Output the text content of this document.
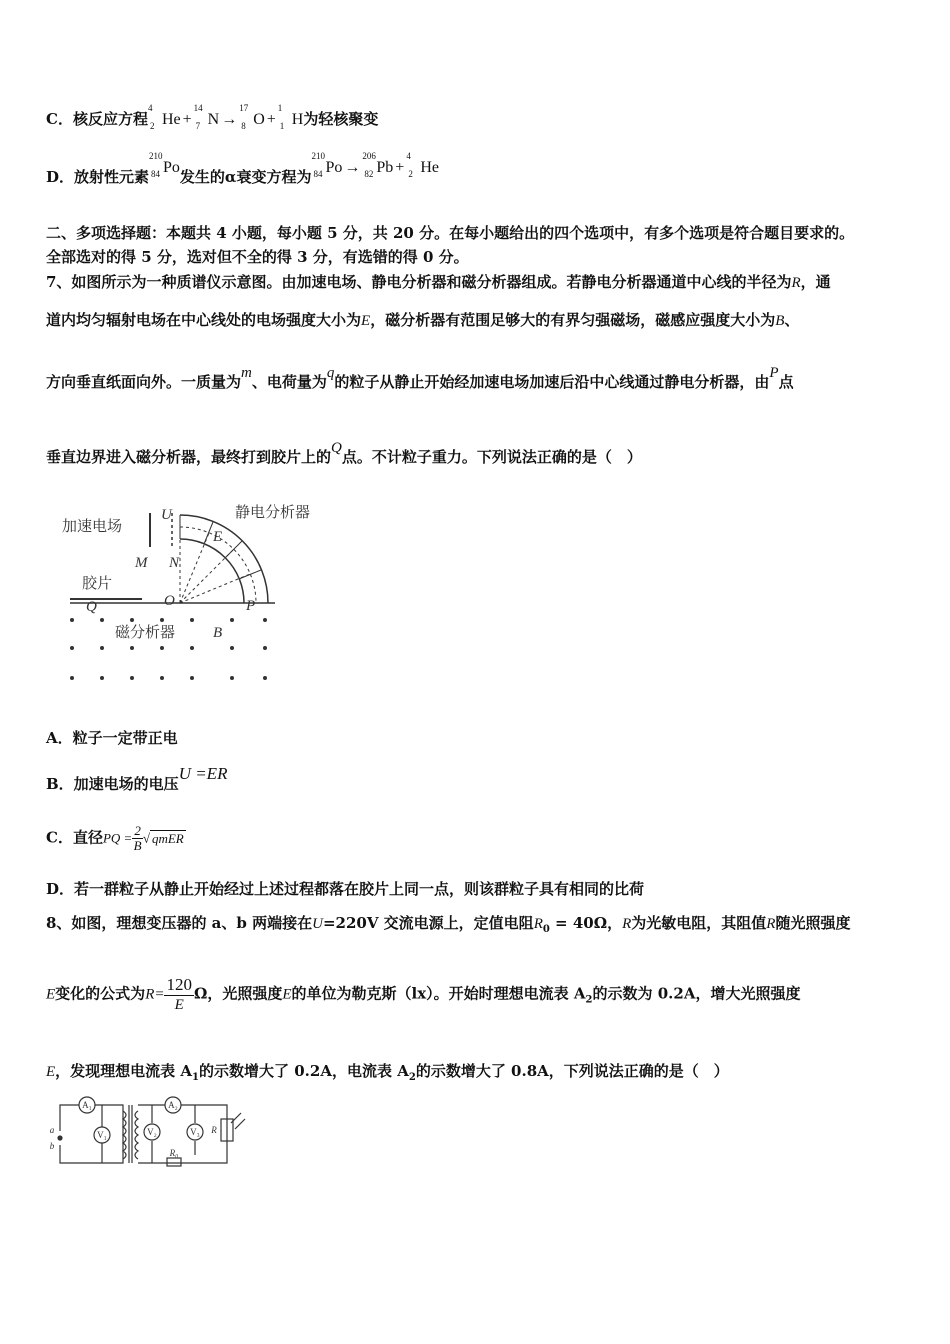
C．核反应方程
4
2 He +
14
7 N →
17
8 O +
1
1 H为轻核聚变
D．放射性元素
210
84 Po发生的α衰变方程为
210
84 Po →
206
82 Pb +
4
2 He
二、多项选择题：本题共 4 小题，每小题 5 分，共 20 分。在每小题给出的四个选项中，有多个选项是符合题目要求的。
全部选对的得 5 分，选对但不全的得 3 分，有选错的得 0 分。
7、如图所示为一种质谱仪示意图。由加速电场、静电分析器和磁分析器组成。若静电分析器通道中心线的半径为R，通
道内均匀辐射电场在中心线处的电场强度大小为E，磁分析器有范围足够大的有界匀强磁场，磁感应强度大小为B、
方向垂直纸面向外。一质量为m、电荷量为q的粒子从静止开始经加速电场加速后沿中心线通过静电分析器，由P点
垂直边界进入磁分析器，最终打到胶片上的Q点。不计粒子重力。下列说法正确的是（　）
加速电场
静电分析器
胶片
磁分析器
U
E
M N
Q	O	P
B
A．粒子一定带正电
B．加速电场的电压U =ER
C．直径PQ = $\frac{2}{B}$ √ qmER
D．若一群粒子从静止开始经过上述过程都落在胶片上同一点，则该群粒子具有相同的比荷
8、如图，理想变压器的 a、b 两端接在U=220V 交流电源上，定值电阻$R_0 = 40\Omega$，R为光敏电阻，其阻值R随光照强度
E变化的公式为$R= \frac{120}{E}$ Ω，光照强度E的单位为勒克斯（lx）。开始时理想电流表 $A_2$的示数为 0.2A，增大光照强度
E，发现理想电流表 $A_1$的示数增大了 0.2A，电流表 $A_2$的示数增大了 0.8A，下列说法正确的是（　）
A₁
V₁	V₂
A₂
V₃ R
R₀
a
b
